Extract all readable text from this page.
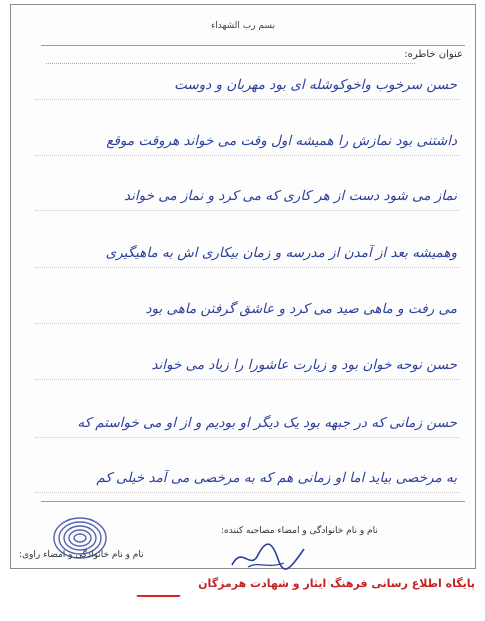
بسم رب الشهداء
عنوان خاطره:
حسن سرخوب واخوکوشله ای بود مهربان و دوست
داشتنی بود نمازش را همیشه اول وقت می خواند هروقت موقع
نماز می شود دست از هر کاری که می کرد و نماز می خواند
وهمیشه بعد از آمدن از مدرسه و زمان بیکاری اش به ماهیگیری
می رفت و ماهی صید می کرد و عاشق گرفتن ماهی بود
حسن نوحه خوان بود و زیارت عاشورا را زیاد می خواند
حسن زمانی که در جبهه بود یک دیگر او بودیم و از او می خواستم که
به مرخصی بیاید اما او زمانی هم که به مرخصی می آمد خیلی کم
نام و نام خانوادگی و امضاء مصاحبه کننده:
نام و نام خانوادگی و امضاء راوی:
شاهد
پایگاه اطلاع رسانی فرهنگ ایثار و شهادت هرمزگان
